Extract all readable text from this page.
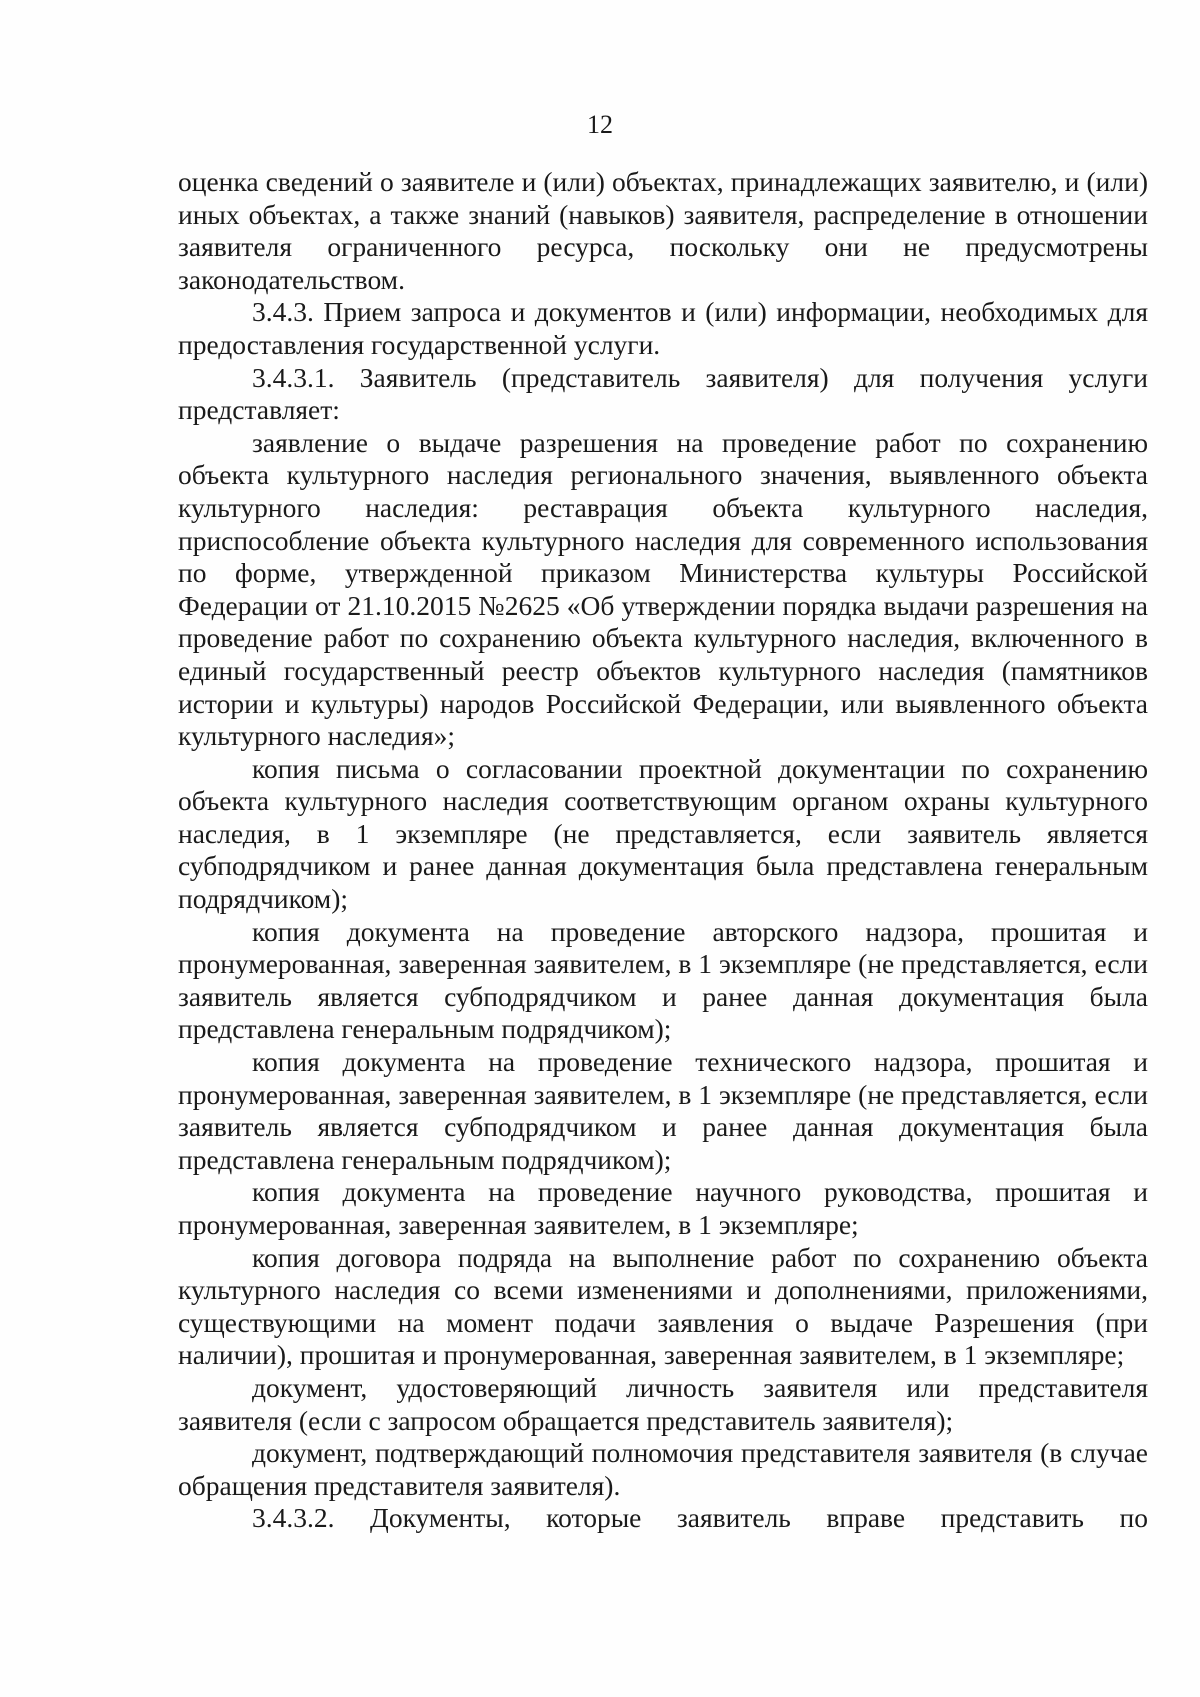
12

оценка сведений о заявителе и (или) объектах, принадлежащих заявителю, и (или) иных объектах, а также знаний (навыков) заявителя, распределение в отношении заявителя ограниченного ресурса, поскольку они не предусмотрены законодательством.

3.4.3. Прием запроса и документов и (или) информации, необходимых для предоставления государственной услуги.

3.4.3.1. Заявитель (представитель заявителя) для получения услуги представляет:

заявление о выдаче разрешения на проведение работ по сохранению объекта культурного наследия регионального значения, выявленного объекта культурного наследия: реставрация объекта культурного наследия, приспособление объекта культурного наследия для современного использования по форме, утвержденной приказом Министерства культуры Российской Федерации от 21.10.2015 №2625 «Об утверждении порядка выдачи разрешения на проведение работ по сохранению объекта культурного наследия, включенного в единый государственный реестр объектов культурного наследия (памятников истории и культуры) народов Российской Федерации, или выявленного объекта культурного наследия»;

копия письма о согласовании проектной документации по сохранению объекта культурного наследия соответствующим органом охраны культурного наследия, в 1 экземпляре (не представляется, если заявитель является субподрядчиком и ранее данная документация была представлена генеральным подрядчиком);

копия документа на проведение авторского надзора, прошитая и пронумерованная, заверенная заявителем, в 1 экземпляре (не представляется, если заявитель является субподрядчиком и ранее данная документация была представлена генеральным подрядчиком);

копия документа на проведение технического надзора, прошитая и пронумерованная, заверенная заявителем, в 1 экземпляре (не представляется, если заявитель является субподрядчиком и ранее данная документация была представлена генеральным подрядчиком);

копия документа на проведение научного руководства, прошитая и пронумерованная, заверенная заявителем, в 1 экземпляре;

копия договора подряда на выполнение работ по сохранению объекта культурного наследия со всеми изменениями и дополнениями, приложениями, существующими на момент подачи заявления о выдаче Разрешения (при наличии), прошитая и пронумерованная, заверенная заявителем, в 1 экземпляре;

документ, удостоверяющий личность заявителя или представителя заявителя (если с запросом обращается представитель заявителя);

документ, подтверждающий полномочия представителя заявителя (в случае обращения представителя заявителя).

3.4.3.2. Документы, которые заявитель вправе представить по
